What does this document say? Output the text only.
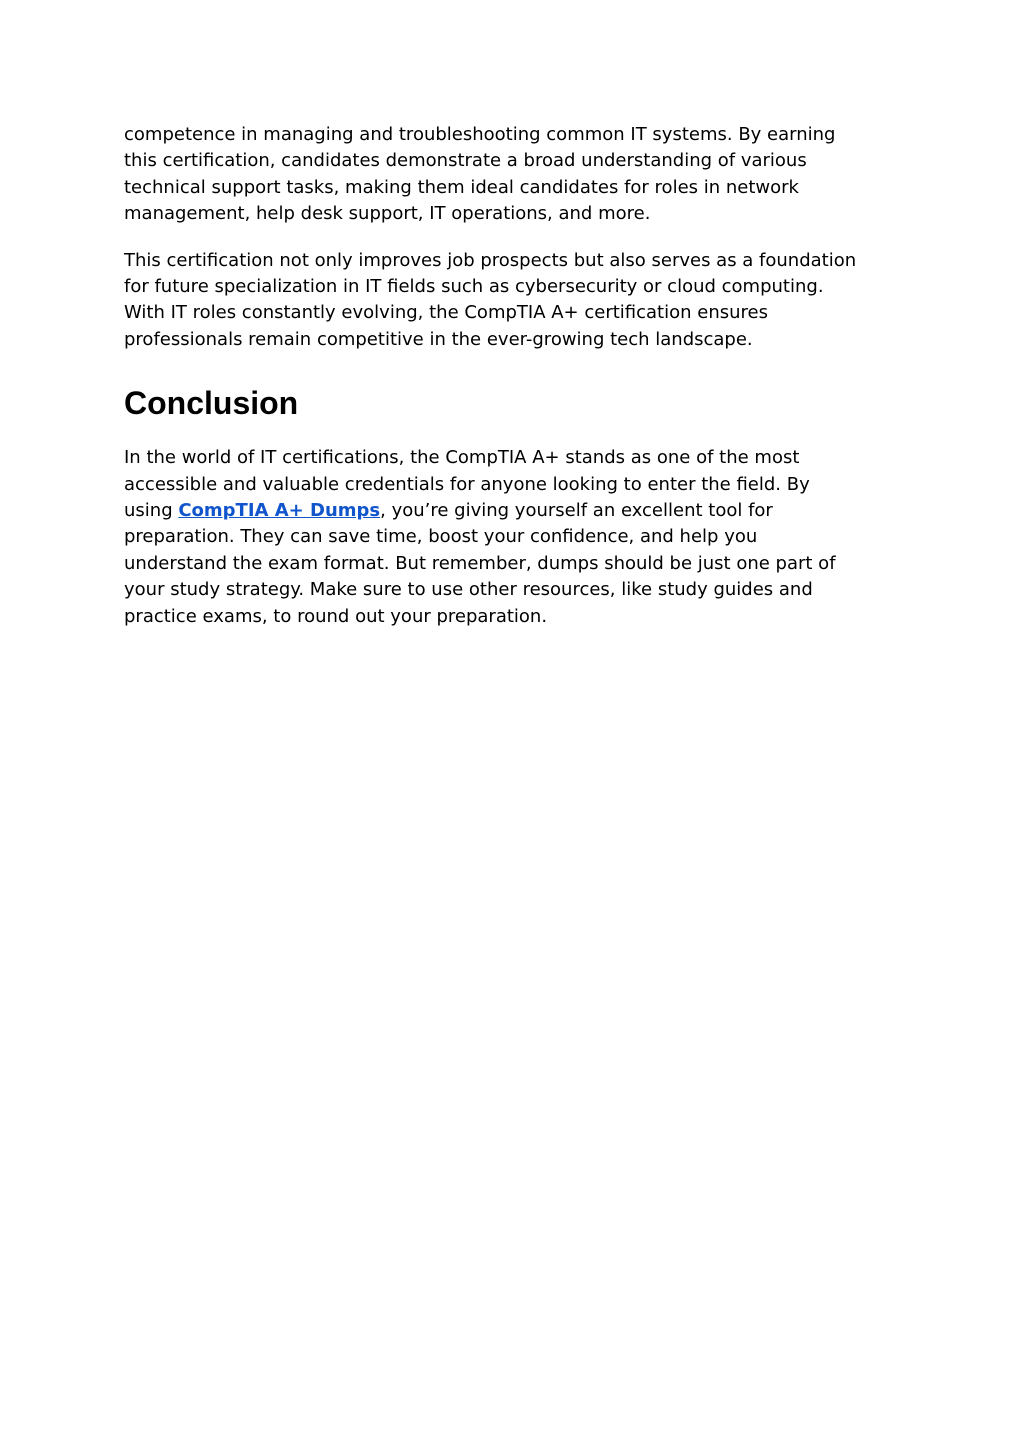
competence in managing and troubleshooting common IT systems. By earning
this certification, candidates demonstrate a broad understanding of various
technical support tasks, making them ideal candidates for roles in network
management, help desk support, IT operations, and more.

This certification not only improves job prospects but also serves as a foundation
for future specialization in IT fields such as cybersecurity or cloud computing.
With IT roles constantly evolving, the CompTIA A+ certification ensures
professionals remain competitive in the ever-growing tech landscape.

Conclusion

In the world of IT certifications, the CompTIA A+ stands as one of the most
accessible and valuable credentials for anyone looking to enter the field. By
using CompTIA A+ Dumps, you’re giving yourself an excellent tool for
preparation. They can save time, boost your confidence, and help you
understand the exam format. But remember, dumps should be just one part of
your study strategy. Make sure to use other resources, like study guides and
practice exams, to round out your preparation.
